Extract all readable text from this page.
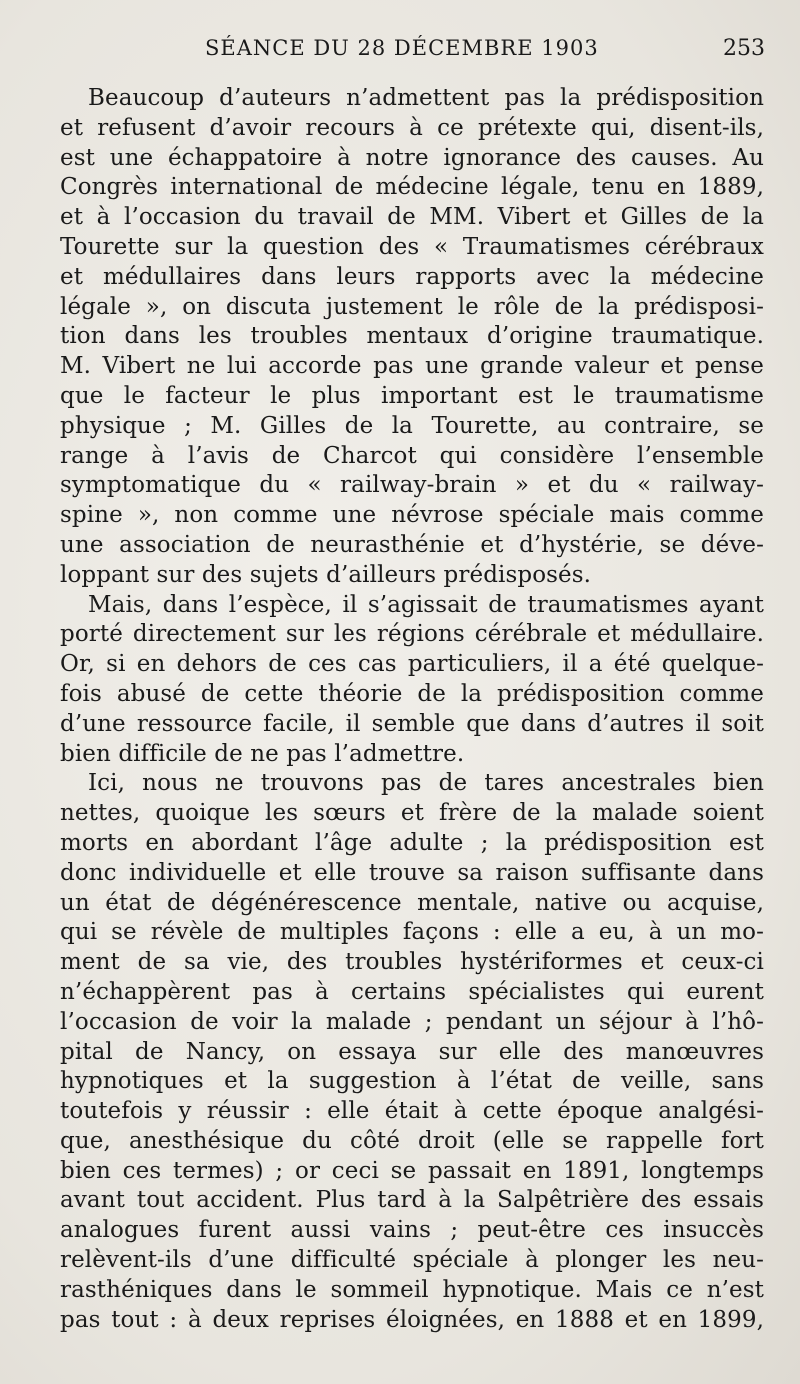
SÉANCE DU 28 DÉCEMBRE 1903	253
Beaucoup d’auteurs n’admettent pas la prédisposition
et refusent d’avoir recours à ce prétexte qui, disent-ils,
est une échappatoire à notre ignorance des causes. Au
Congrès international de médecine légale, tenu en 1889,
et à l’occasion du travail de MM. Vibert et Gilles de la
Tourette sur la question des « Traumatismes cérébraux
et médullaires dans leurs rapports avec la médecine
légale », on discuta justement le rôle de la prédisposi-
tion dans les troubles mentaux d’origine traumatique.
M. Vibert ne lui accorde pas une grande valeur et pense
que le facteur le plus important est le traumatisme
physique ; M. Gilles de la Tourette, au contraire, se
range à l’avis de Charcot qui considère l’ensemble
symptomatique du « railway-brain » et du « railway-
spine », non comme une névrose spéciale mais comme
une association de neurasthénie et d’hystérie, se déve-
loppant sur des sujets d’ailleurs prédisposés.
Mais, dans l’espèce, il s’agissait de traumatismes ayant
porté directement sur les régions cérébrale et médullaire.
Or, si en dehors de ces cas particuliers, il a été quelque-
fois abusé de cette théorie de la prédisposition comme
d’une ressource facile, il semble que dans d’autres il soit
bien difficile de ne pas l’admettre.
Ici, nous ne trouvons pas de tares ancestrales bien
nettes, quoique les sœurs et frère de la malade soient
morts en abordant l’âge adulte ; la prédisposition est
donc individuelle et elle trouve sa raison suffisante dans
un état de dégénérescence mentale, native ou acquise,
qui se révèle de multiples façons : elle a eu, à un mo-
ment de sa vie, des troubles hystériformes et ceux-ci
n’échappèrent pas à certains spécialistes qui eurent
l’occasion de voir la malade ; pendant un séjour à l’hô-
pital de Nancy, on essaya sur elle des manœuvres
hypnotiques et la suggestion à l’état de veille, sans
toutefois y réussir : elle était à cette époque analgési-
que, anesthésique du côté droit (elle se rappelle fort
bien ces termes) ; or ceci se passait en 1891, longtemps
avant tout accident. Plus tard à la Salpêtrière des essais
analogues furent aussi vains ; peut-être ces insuccès
relèvent-ils d’une difficulté spéciale à plonger les neu-
rasthéniques dans le sommeil hypnotique. Mais ce n’est
pas tout : à deux reprises éloignées, en 1888 et en 1899,
